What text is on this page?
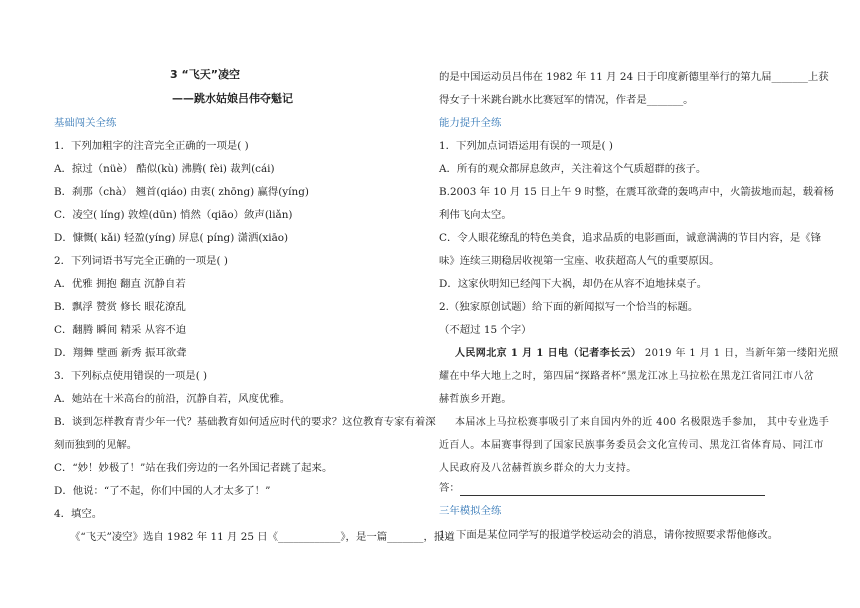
3 “飞天”凌空
——跳水姑娘吕伟夺魁记
基础闯关全练
1．下列加粗字的注音完全正确的一项是( )
A．掠过（nüè） 酷似(kù) 沸腾( fèi) 裁判(cái)
B．刹那（chà） 翘首(qiáo) 由衷( zhōng) 赢得(yíng)
C．凌空( líng) 敦煌(dūn) 悄然（qiāo）敛声(liǎn)
D．慷慨( kǎi) 轻盈(yíng) 屏息( píng) 潇洒(xiāo)
2．下列词语书写完全正确的一项是( )
A．优雅 拥抱 翻直 沉静自若
B．飘浮 赞赏 修长 眼花潦乱
C．翻腾 瞬间 精采 从容不迫
D．翔舞 壁画 新秀 振耳欲聋
3．下列标点使用错误的一项是( )
A．她站在十米高台的前沿，沉静自若，风度优雅。
B．谈到怎样教育青少年一代？基础教育如何适应时代的要求？这位教育专家有着深
刻而独到的见解。
C．“妙！妙极了！”站在我们旁边的一名外国记者跳了起来。
D．他说：“了不起，你们中国的人才太多了！”
4．填空。
《“飞天”凌空》选自 1982 年 11 月 25 日《____________》，是一篇_______，报道
的是中国运动员吕伟在 1982 年 11 月 24 日于印度新德里举行的第九届_______上获
得女子十米跳台跳水比赛冠军的情况，作者是_______。
能力提升全练
1．下列加点词语运用有误的一项是( )
A．所有的观众都屏息敛声，关注着这个气质超群的孩子。
B.2003 年 10 月 15 日上午 9 时整，在震耳欲聋的轰鸣声中，火箭拔地而起，载着杨
利伟飞向太空。
C．令人眼花缭乱的特色美食，追求品质的电影画面，诚意满满的节目内容，是《锋
味》连续三期稳居收视第一宝座、收获超高人气的重要原因。
D．这家伙明知已经闯下大祸，却仍在从容不迫地抹桌子。
2.（独家原创试题）给下面的新闻拟写一个恰当的标题。
（不超过 15 个字）
人民网北京 1 月 1 日电（记者李长云） 2019 年 1 月 1 日，当新年第一缕阳光照
耀在中华大地上之时，第四届“探路者杯”黑龙江冰上马拉松在黑龙江省同江市八岔
赫哲族乡开跑。
本届冰上马拉松赛事吸引了来自国内外的近 400 名极限选手参加， 其中专业选手
近百人。本届赛事得到了国家民族事务委员会文化宣传司、黑龙江省体育局、同江市
人民政府及八岔赫哲族乡群众的大力支持。
答：
三年模拟全练
1．下面是某位同学写的报道学校运动会的消息，请你按照要求帮他修改。
